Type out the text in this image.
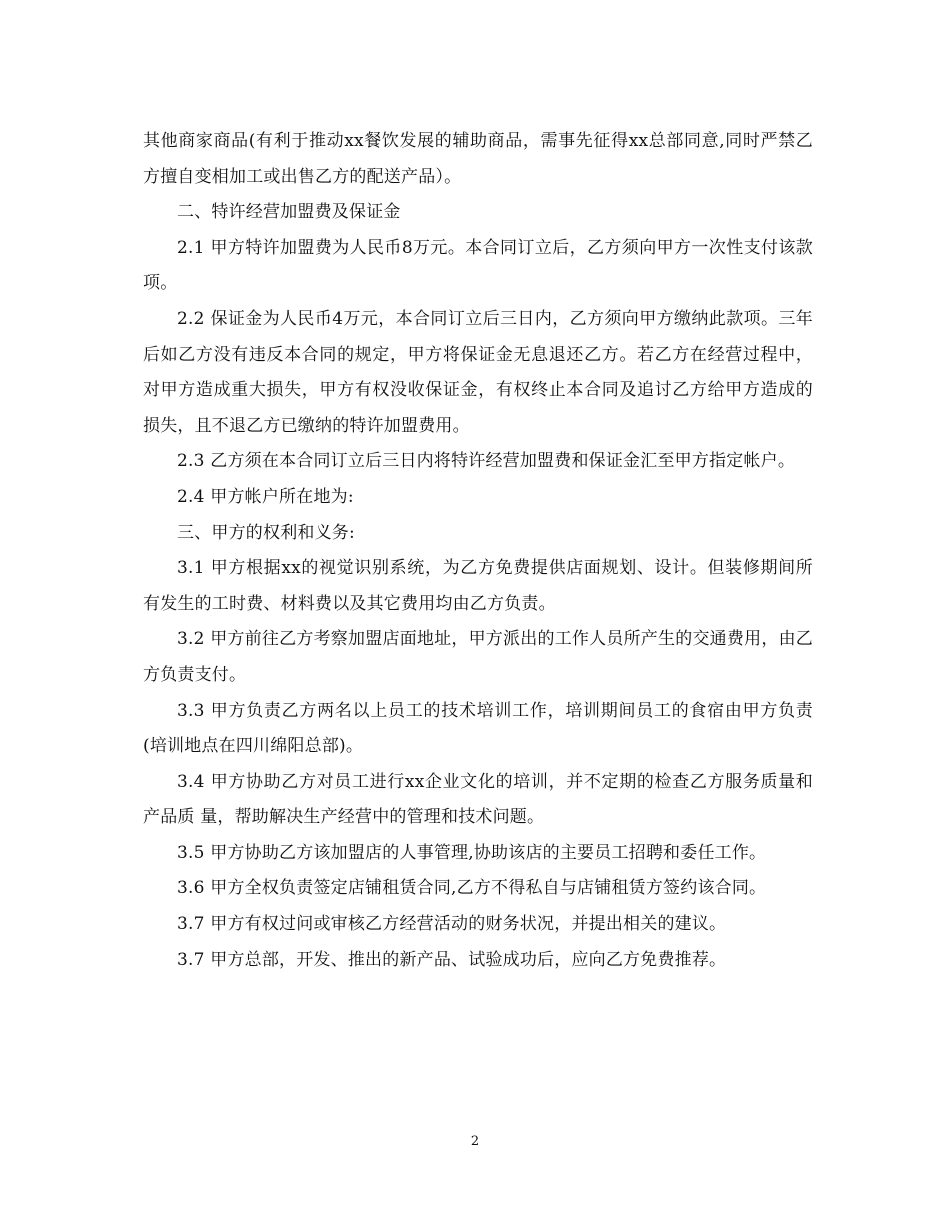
其他商家商品(有利于推动xx餐饮发展的辅助商品，需事先征得xx总部同意,同时严禁乙方擅自变相加工或出售乙方的配送产品）。

二、特许经营加盟费及保证金

2.1 甲方特许加盟费为人民币8万元。本合同订立后，乙方须向甲方一次性支付该款项。

2.2 保证金为人民币4万元，本合同订立后三日内，乙方须向甲方缴纳此款项。三年后如乙方没有违反本合同的规定，甲方将保证金无息退还乙方。若乙方在经营过程中，对甲方造成重大损失，甲方有权没收保证金，有权终止本合同及追讨乙方给甲方造成的损失，且不退乙方已缴纳的特许加盟费用。

2.3 乙方须在本合同订立后三日内将特许经营加盟费和保证金汇至甲方指定帐户。

2.4 甲方帐户所在地为:

三、甲方的权利和义务:

3.1 甲方根据xx的视觉识别系统，为乙方免费提供店面规划、设计。但装修期间所有发生的工时费、材料费以及其它费用均由乙方负责。

3.2 甲方前往乙方考察加盟店面地址，甲方派出的工作人员所产生的交通费用，由乙方负责支付。

3.3 甲方负责乙方两名以上员工的技术培训工作，培训期间员工的食宿由甲方负责(培训地点在四川绵阳总部)。

3.4 甲方协助乙方对员工进行xx企业文化的培训，并不定期的检查乙方服务质量和产品质 量，帮助解决生产经营中的管理和技术问题。

3.5 甲方协助乙方该加盟店的人事管理,协助该店的主要员工招聘和委任工作。

3.6 甲方全权负责签定店铺租赁合同,乙方不得私自与店铺租赁方签约该合同。

3.7 甲方有权过问或审核乙方经营活动的财务状况，并提出相关的建议。

3.7 甲方总部，开发、推出的新产品、试验成功后，应向乙方免费推荐。

2
